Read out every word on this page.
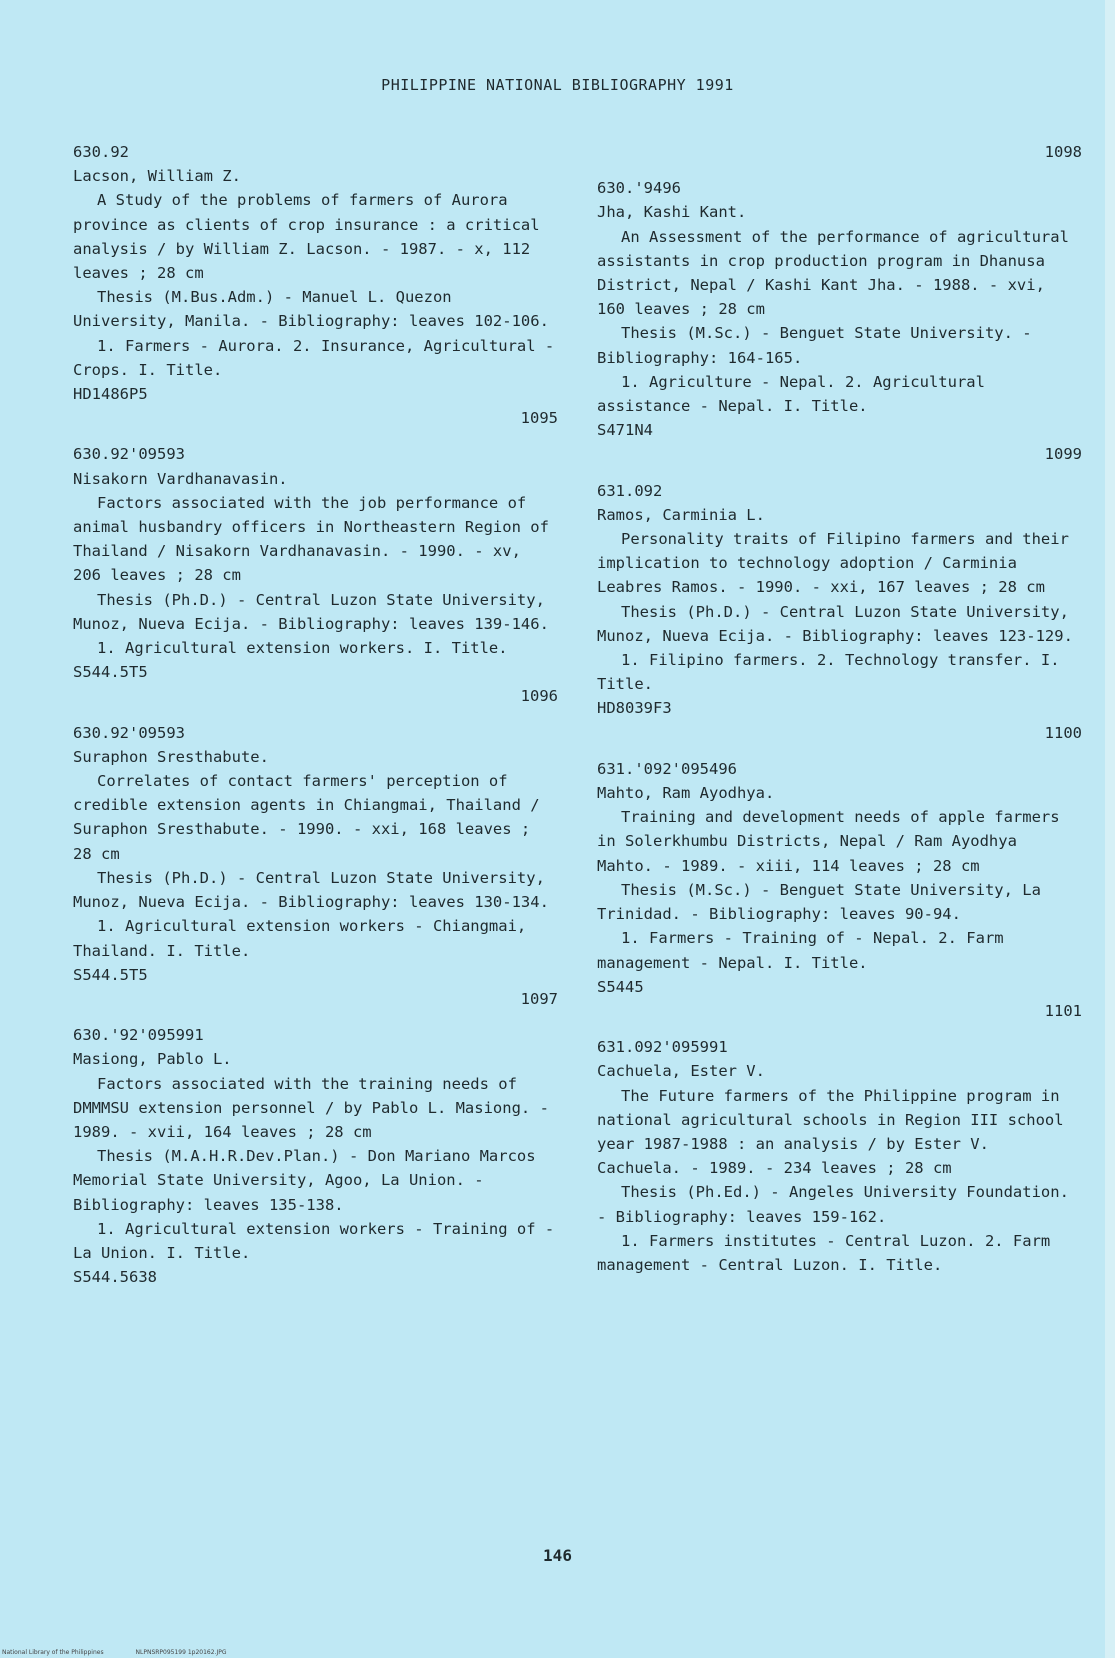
PHILIPPINE NATIONAL BIBLIOGRAPHY 1991

630.92

Lacson, William Z.

A Study of the problems of farmers of Aurora province as clients of crop insurance : a critical analysis / by William Z. Lacson. - 1987. - x, 112 leaves ; 28 cm

Thesis (M.Bus.Adm.) - Manuel L. Quezon University, Manila. - Bibliography: leaves 102-106.

1. Farmers - Aurora. 2. Insurance, Agricultural - Crops. I. Title.

HD1486P5

1095

630.92'09593

Nisakorn Vardhanavasin.

Factors associated with the job performance of animal husbandry officers in Northeastern Region of Thailand / Nisakorn Vardhanavasin. - 1990. - xv, 206 leaves ; 28 cm

Thesis (Ph.D.) - Central Luzon State University, Munoz, Nueva Ecija. - Bibliography: leaves 139-146.

1. Agricultural extension workers. I. Title.

S544.5T5

1096

630.92'09593

Suraphon Sresthabute.

Correlates of contact farmers' perception of credible extension agents in Chiangmai, Thailand / Suraphon Sresthabute. - 1990. - xxi, 168 leaves ; 28 cm

Thesis (Ph.D.) - Central Luzon State University, Munoz, Nueva Ecija. - Bibliography: leaves 130-134.

1. Agricultural extension workers - Chiangmai, Thailand. I. Title.

S544.5T5

1097

630.'92'095991

Masiong, Pablo L.

Factors associated with the training needs of DMMMSU extension personnel / by Pablo L. Masiong. - 1989. - xvii, 164 leaves ; 28 cm

Thesis (M.A.H.R.Dev.Plan.) - Don Mariano Marcos Memorial State University, Agoo, La Union. - Bibliography: leaves 135-138.

1. Agricultural extension workers - Training of - La Union. I. Title.

S544.5638

1098

630.'9496

Jha, Kashi Kant.

An Assessment of the performance of agricultural assistants in crop production program in Dhanusa District, Nepal / Kashi Kant Jha. - 1988. - xvi, 160 leaves ; 28 cm

Thesis (M.Sc.) - Benguet State University. - Bibliography: 164-165.

1. Agriculture - Nepal. 2. Agricultural assistance - Nepal. I. Title.

S471N4

1099

631.092

Ramos, Carminia L.

Personality traits of Filipino farmers and their implication to technology adoption / Carminia Leabres Ramos. - 1990. - xxi, 167 leaves ; 28 cm

Thesis (Ph.D.) - Central Luzon State University, Munoz, Nueva Ecija. - Bibliography: leaves 123-129.

1. Filipino farmers. 2. Technology transfer. I. Title.

HD8039F3

1100

631.'092'095496

Mahto, Ram Ayodhya.

Training and development needs of apple farmers in Solerkhumbu Districts, Nepal / Ram Ayodhya Mahto. - 1989. - xiii, 114 leaves ; 28 cm

Thesis (M.Sc.) - Benguet State University, La Trinidad. - Bibliography: leaves 90-94.

1. Farmers - Training of - Nepal. 2. Farm management - Nepal. I. Title.

S5445

1101

631.092'095991

Cachuela, Ester V.

The Future farmers of the Philippine program in national agricultural schools in Region III school year 1987-1988 : an analysis / by Ester V. Cachuela. - 1989. - 234 leaves ; 28 cm

Thesis (Ph.Ed.) - Angeles University Foundation. - Bibliography: leaves 159-162.

1. Farmers institutes - Central Luzon. 2. Farm management - Central Luzon. I. Title.

146
National Library of the Philippines	NLPNSRP095199 1p20162.JPG
